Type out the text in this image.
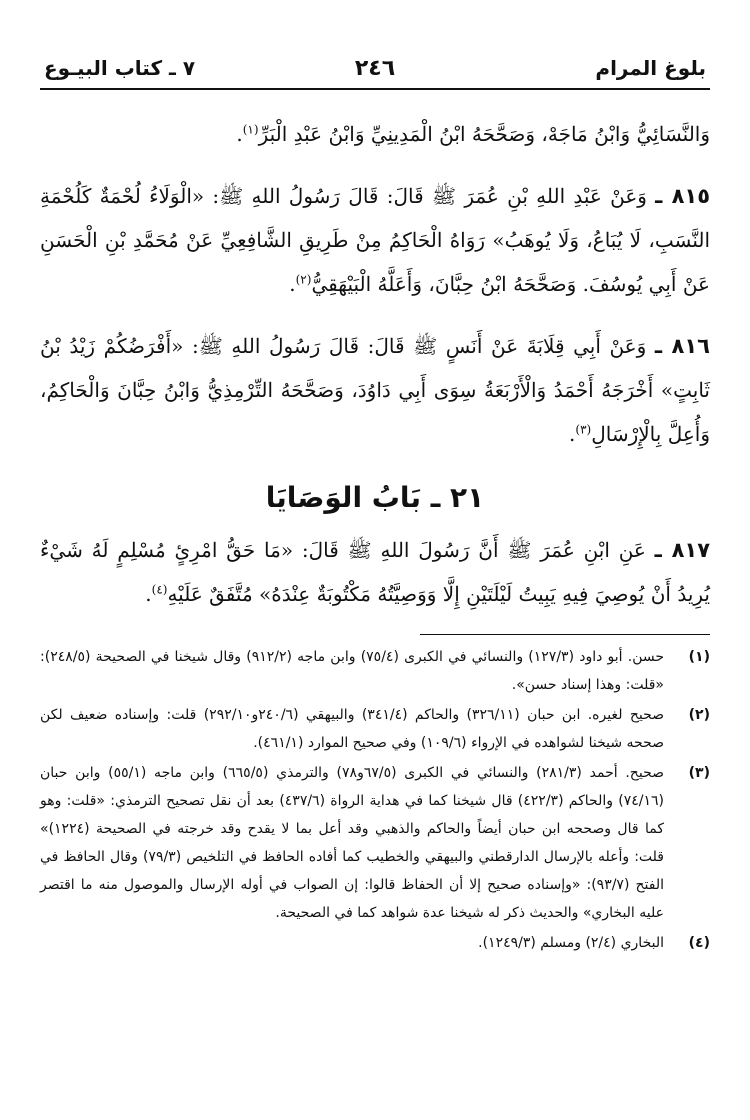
بلوغ المرام
٢٤٦
٧ ـ كتاب البيـوع

وَالنَّسَائِيُّ وَابْنُ مَاجَهْ، وَصَحَّحَهُ ابْنُ الْمَدِينِيِّ وَابْنُ عَبْدِ الْبَرِّ$^{(١)}$.

٨١٥ ـ وَعَنْ عَبْدِ اللهِ بْنِ عُمَرَ ﷺ قَالَ: قَالَ رَسُولُ اللهِ ﷺ: «الْوَلَاءُ لُحْمَةٌ كَلُحْمَةِ النَّسَبِ، لَا يُبَاعُ، وَلَا يُوهَبُ» رَوَاهُ الْحَاكِمُ مِنْ طَرِيقِ الشَّافِعِيِّ عَنْ مُحَمَّدِ بْنِ الْحَسَنِ عَنْ أَبِي يُوسُفَ. وَصَحَّحَهُ ابْنُ حِبَّانَ، وَأَعَلَّهُ الْبَيْهَقِيُّ$^{(٢)}$.

٨١٦ ـ وَعَنْ أَبِي قِلَابَةَ عَنْ أَنَسٍ ﷺ قَالَ: قَالَ رَسُولُ اللهِ ﷺ: «أَفْرَضُكُمْ زَيْدُ بْنُ ثَابِتٍ» أَخْرَجَهُ أَحْمَدُ وَالْأَرْبَعَةُ سِوَى أَبِي دَاوُدَ، وَصَحَّحَهُ التِّرْمِذِيُّ وَابْنُ حِبَّانَ وَالْحَاكِمُ، وَأُعِلَّ بِالْإِرْسَالِ$^{(٣)}$.

٢١ ـ بَابُ الوَصَايَا

٨١٧ ـ عَنِ ابْنِ عُمَرَ ﷺ أَنَّ رَسُولَ اللهِ ﷺ قَالَ: «مَا حَقُّ امْرِئٍ مُسْلِمٍ لَهُ شَيْءٌ يُرِيدُ أَنْ يُوصِيَ فِيهِ يَبِيتُ لَيْلَتَيْنِ إِلَّا وَوَصِيَّتُهُ مَكْتُوبَةٌ عِنْدَهُ» مُتَّفَقٌ عَلَيْهِ$^{(٤)}$.

(١)
حسن. أبو داود (١٢٧/٣) والنسائي في الكبرى (٧٥/٤) وابن ماجه (٩١٢/٢) وقال شيخنا في الصحيحة (٢٤٨/٥): «قلت: وهذا إسناد حسن».
(٢)
صحيح لغيره. ابن حبان (٣٢٦/١١) والحاكم (٣٤١/٤) والبيهقي (٢٤٠/٦و٢٩٢/١٠) قلت: وإسناده ضعيف لكن صححه شيخنا لشواهده في الإرواء (١٠٩/٦) وفي صحيح الموارد (٤٦١/١).
(٣)
صحيح. أحمد (٢٨١/٣) والنسائي في الكبرى (٦٧/٥و٧٨) والترمذي (٦٦٥/٥) وابن ماجه (٥٥/١) وابن حبان (٧٤/١٦) والحاكم (٤٢٢/٣) قال شيخنا كما في هداية الرواة (٤٣٧/٦) بعد أن نقل تصحيح الترمذي: «قلت: وهو كما قال وصححه ابن حبان أيضاً والحاكم والذهبي وقد أعل بما لا يقدح وقد خرجته في الصحيحة (١٢٢٤)» قلت: وأعله بالإرسال الدارقطني والبيهقي والخطيب كما أفاده الحافظ في التلخيص (٧٩/٣) وقال الحافظ في الفتح (٩٣/٧): «وإسناده صحيح إلا أن الحفاظ قالوا: إن الصواب في أوله الإرسال والموصول منه ما اقتصر عليه البخاري» والحديث ذكر له شيخنا عدة شواهد كما في الصحيحة.
(٤)
البخاري (٢/٤) ومسلم (١٢٤٩/٣).
